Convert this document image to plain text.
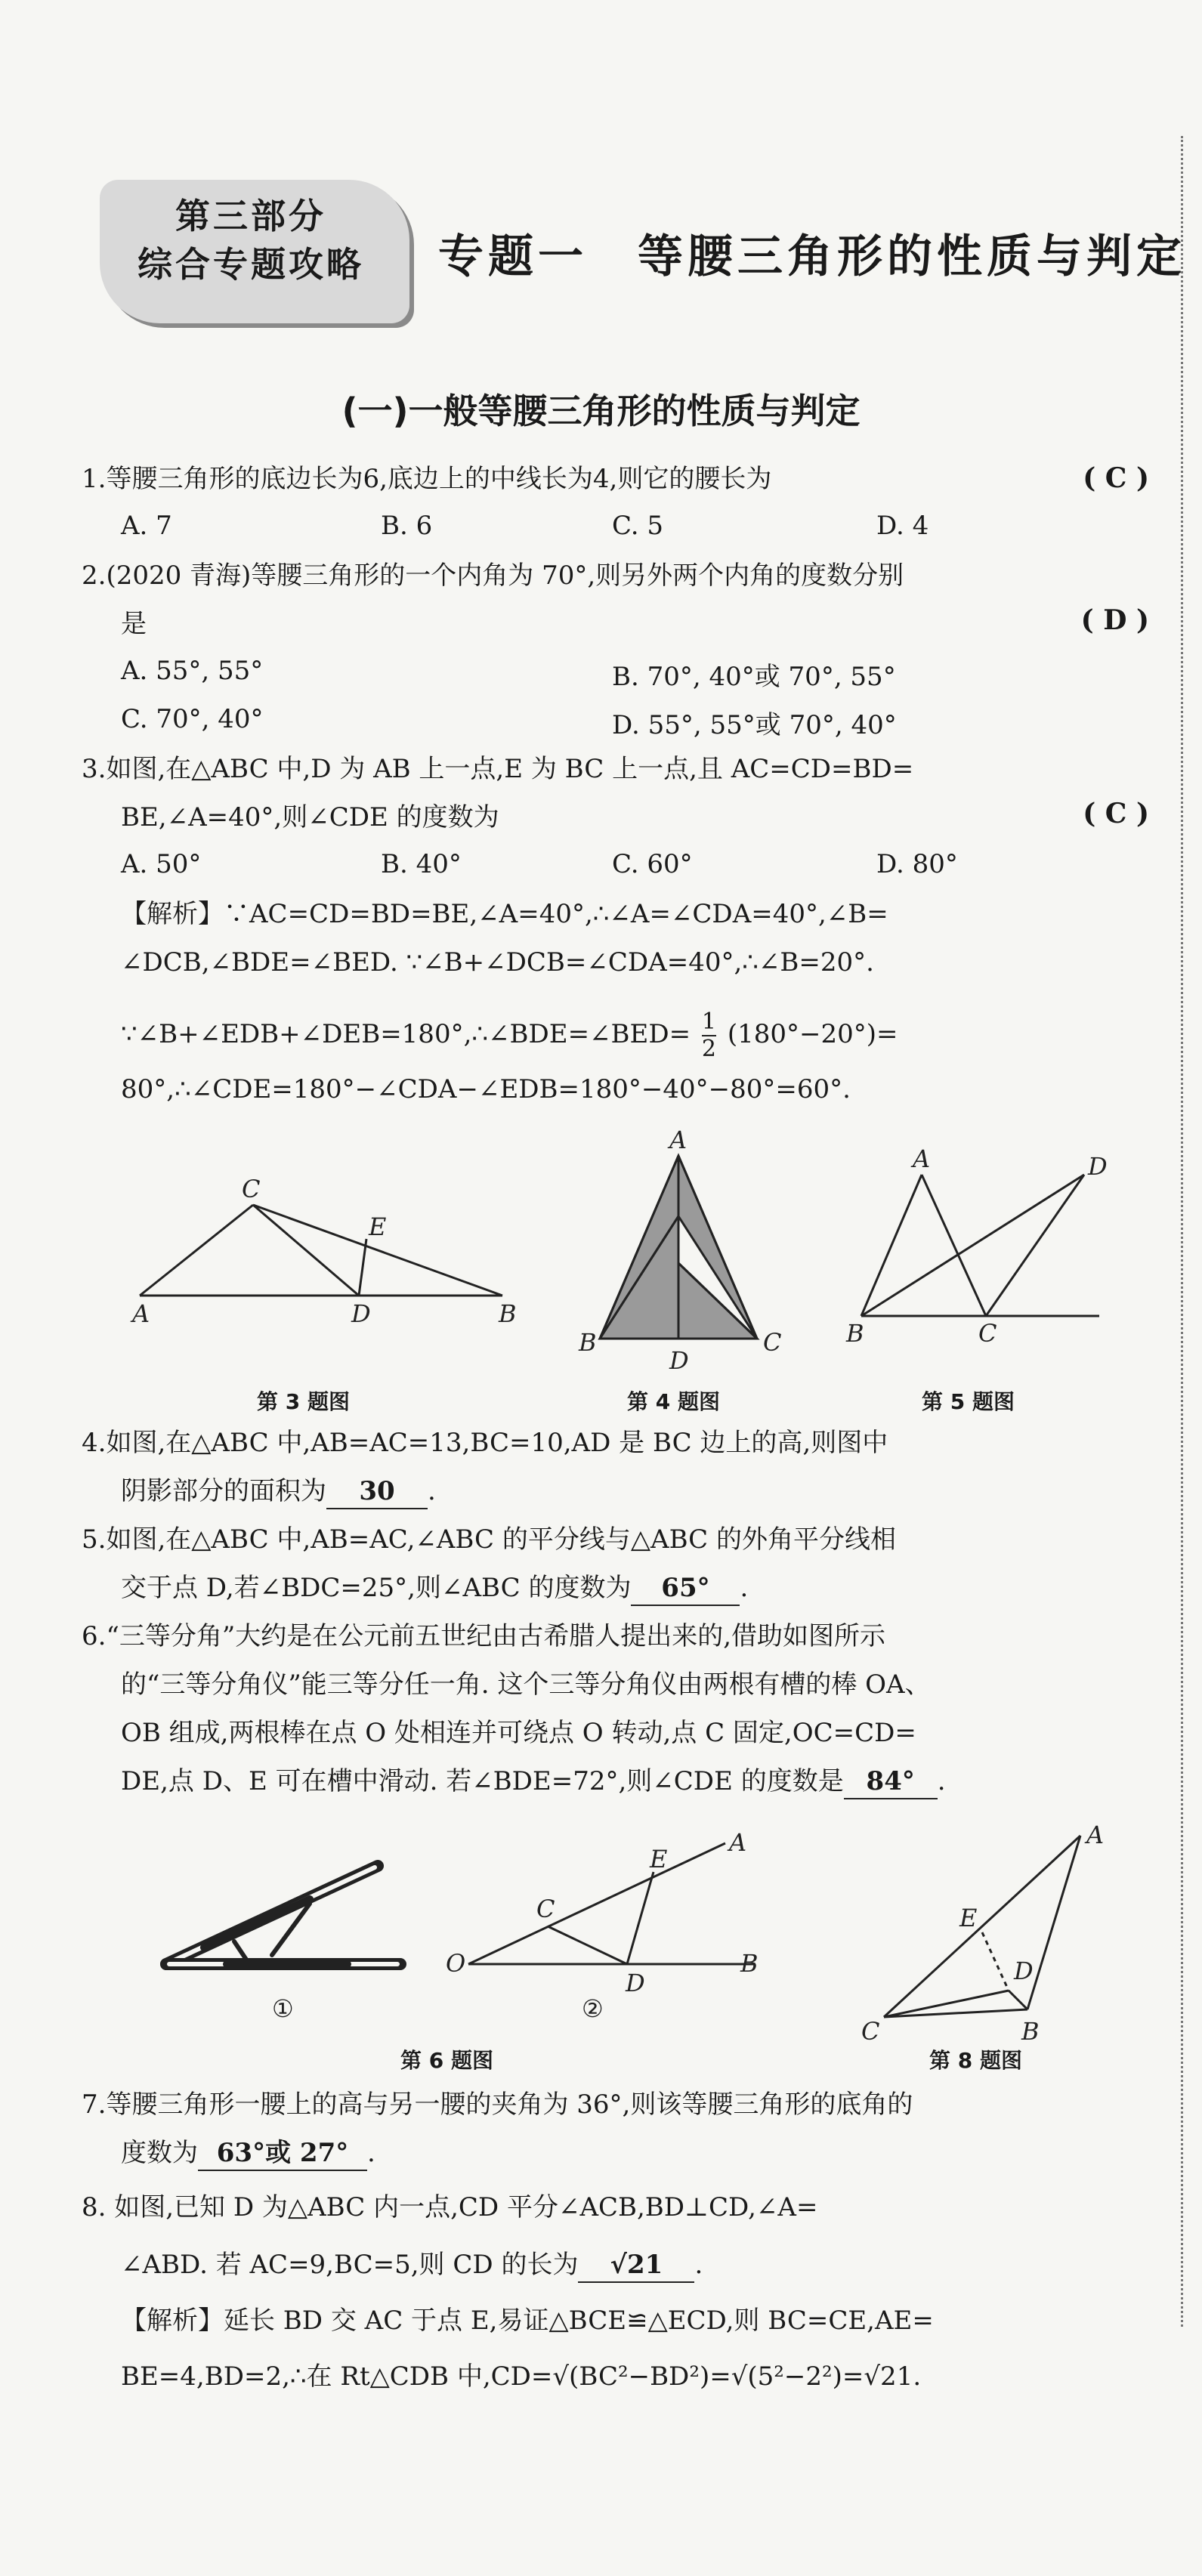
第三部分
综合专题攻略	专题一　等腰三角形的性质与判定
(一)一般等腰三角形的性质与判定
1.等腰三角形的底边长为6,底边上的中线长为4,则它的腰长为	( C )
A. 7	B. 6	C. 5	D. 4
2.(2020 青海)等腰三角形的一个内角为 70°,则另外两个内角的度数分别
是	( D )
A. 55°, 55°	B. 70°, 40°或 70°, 55°
C. 70°, 40°	D. 55°, 55°或 70°, 40°
3.如图,在△ABC 中,D 为 AB 上一点,E 为 BC 上一点,且 AC=CD=BD=
BE,∠A=40°,则∠CDE 的度数为	( C )
A. 50°	B. 40°	C. 60°	D. 80°
【解析】∵AC=CD=BD=BE,∠A=40°,∴∠A=∠CDA=40°,∠B=
∠DCB,∠BDE=∠BED. ∵∠B+∠DCB=∠CDA=40°,∴∠B=20°.
∵∠B+∠EDB+∠DEB=180°,∴∠BDE=∠BED= $\frac{1}{2} (180^\circ-20^\circ)=$
80°,∴∠CDE=180°−∠CDA−∠EDB=180°−40°−80°=60°.
A	B
C
D
E
A
B	C
D
A
B	C
D
第 3 题图	第 4 题图	第 5 题图
4.如图,在△ABC 中,AB=AC=13,BC=10,AD 是 BC 边上的高,则图中
阴影部分的面积为 30 .
5.如图,在△ABC 中,AB=AC,∠ABC 的平分线与△ABC 的外角平分线相
交于点 D,若∠BDC=25°,则∠ABC 的度数为 65° .
6.“三等分角”大约是在公元前五世纪由古希腊人提出来的,借助如图所示
的“三等分角仪”能三等分任一角. 这个三等分角仪由两根有槽的棒 OA、
OB 组成,两根棒在点 O 处相连并可绕点 O 转动,点 C 固定,OC=CD=
DE,点 D、E 可在槽中滑动. 若∠BDE=72°,则∠CDE 的度数是 84° .
①
O
A
B
C
D
E
②
A
B
C
D
E
第 6 题图	第 8 题图
7.等腰三角形一腰上的高与另一腰的夹角为 36°,则该等腰三角形的底角的
度数为 63°或 27° .
8. 如图,已知 D 为△ABC 内一点,CD 平分∠ACB,BD⊥CD,∠A=
∠ABD. 若 AC=9,BC=5,则 CD 的长为 √21 .
【解析】延长 BD 交 AC 于点 E,易证△BCE≌△ECD,则 BC=CE,AE=
BE=4,BD=2,∴在 Rt△CDB 中,CD=√(BC²−BD²)=√(5²−2²)=√21.
